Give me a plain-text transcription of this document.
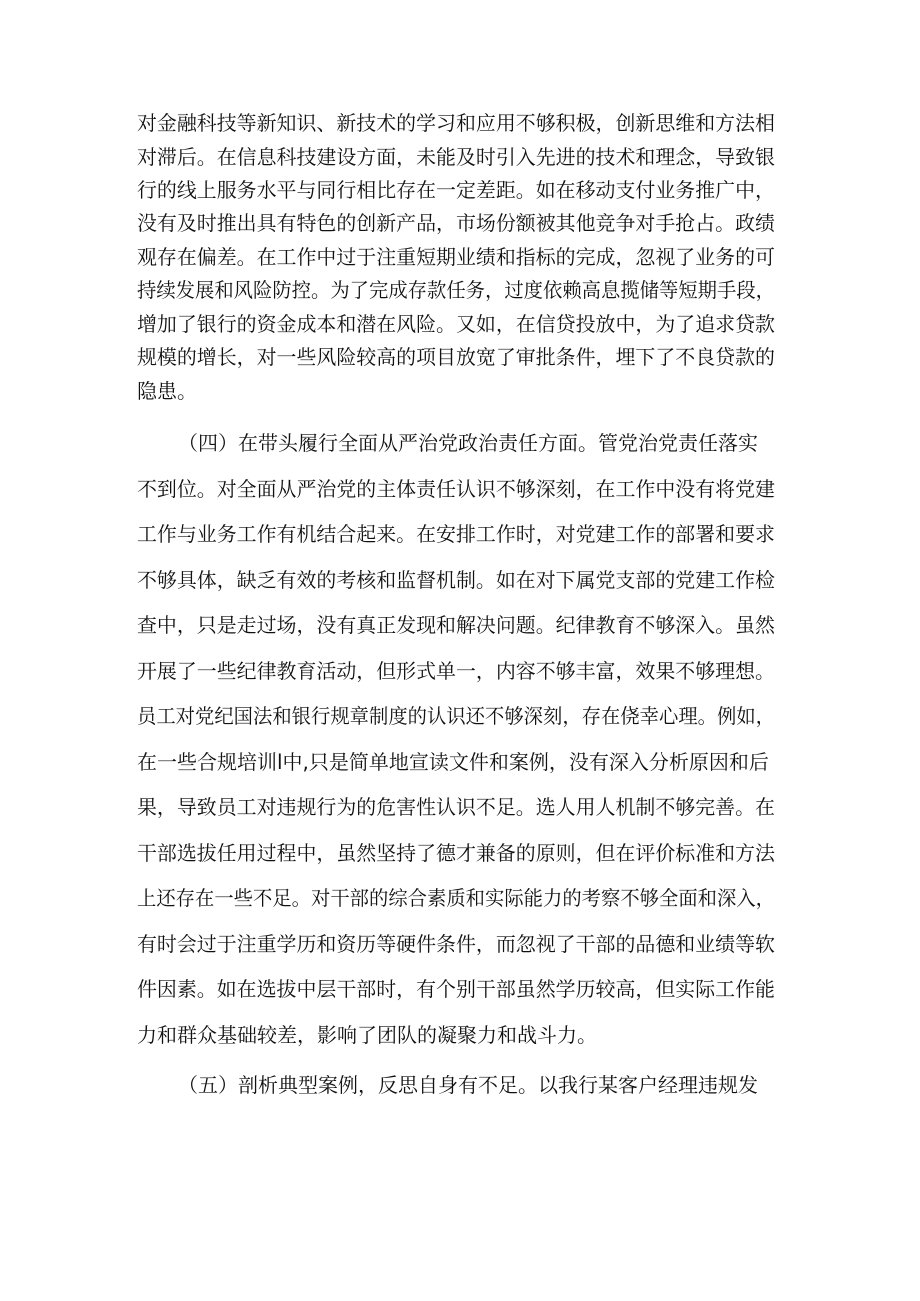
对金融科技等新知识、新技术的学习和应用不够积极，创新思维和方法相
对滞后。在信息科技建设方面，未能及时引入先进的技术和理念，导致银
行的线上服务水平与同行相比存在一定差距。如在移动支付业务推广中，
没有及时推出具有特色的创新产品，市场份额被其他竞争对手抢占。政绩
观存在偏差。在工作中过于注重短期业绩和指标的完成，忽视了业务的可
持续发展和风险防控。为了完成存款任务，过度依赖高息揽储等短期手段，
增加了银行的资金成本和潜在风险。又如，在信贷投放中，为了追求贷款
规模的增长，对一些风险较高的项目放宽了审批条件，埋下了不良贷款的
隐患。
（四）在带头履行全面从严治党政治责任方面。管党治党责任落实
不到位。对全面从严治党的主体责任认识不够深刻，在工作中没有将党建
工作与业务工作有机结合起来。在安排工作时，对党建工作的部署和要求
不够具体，缺乏有效的考核和监督机制。如在对下属党支部的党建工作检
查中，只是走过场，没有真正发现和解决问题。纪律教育不够深入。虽然
开展了一些纪律教育活动，但形式单一，内容不够丰富，效果不够理想。
员工对党纪国法和银行规章制度的认识还不够深刻，存在侥幸心理。例如，
在一些合规培训l中,只是简单地宣读文件和案例，没有深入分析原因和后
果，导致员工对违规行为的危害性认识不足。选人用人机制不够完善。在
干部选拔任用过程中，虽然坚持了德才兼备的原则，但在评价标准和方法
上还存在一些不足。对干部的综合素质和实际能力的考察不够全面和深入，
有时会过于注重学历和资历等硬件条件，而忽视了干部的品德和业绩等软
件因素。如在选拔中层干部时，有个别干部虽然学历较高，但实际工作能
力和群众基础较差，影响了团队的凝聚力和战斗力。
（五）剖析典型案例，反思自身有不足。以我行某客户经理违规发
